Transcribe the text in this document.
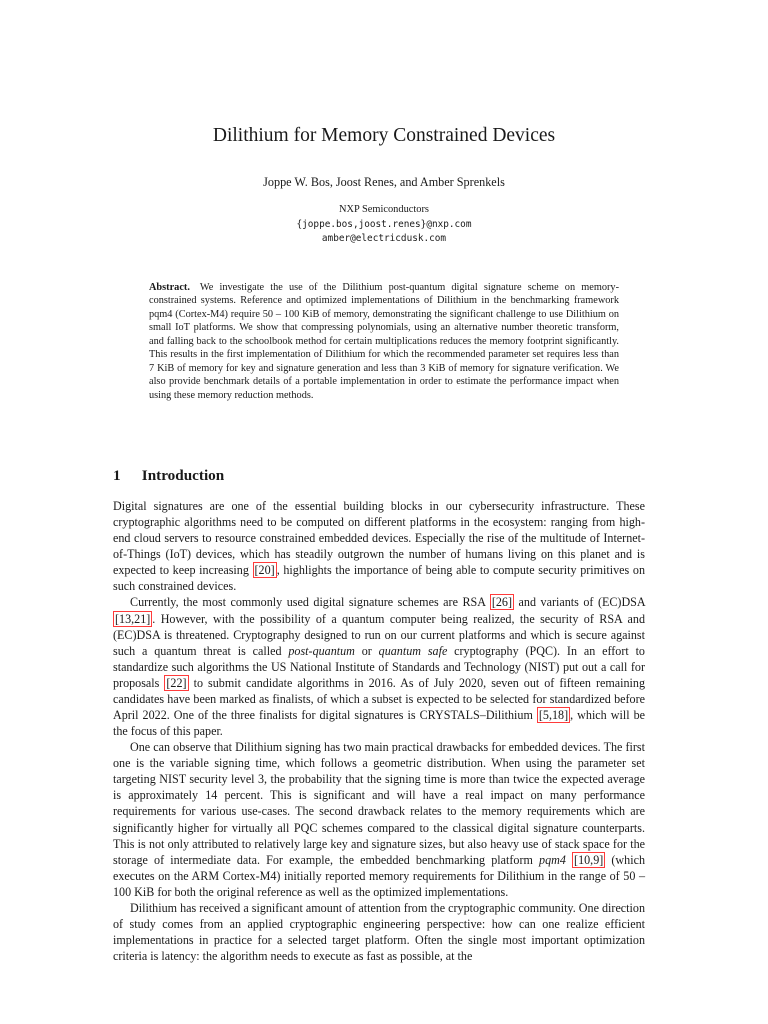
Dilithium for Memory Constrained Devices
Joppe W. Bos, Joost Renes, and Amber Sprenkels
NXP Semiconductors
{joppe.bos,joost.renes}@nxp.com
amber@electricdusk.com
Abstract. We investigate the use of the Dilithium post-quantum digital signature scheme on memory-constrained systems. Reference and optimized implementations of Dilithium in the benchmarking framework pqm4 (Cortex-M4) require 50 – 100 KiB of memory, demonstrating the significant challenge to use Dilithium on small IoT platforms. We show that compressing polynomials, using an alternative number theoretic transform, and falling back to the schoolbook method for certain multiplications reduces the memory footprint significantly. This results in the first implementation of Dilithium for which the recommended parameter set requires less than 7 KiB of memory for key and signature generation and less than 3 KiB of memory for signature verification. We also provide benchmark details of a portable implementation in order to estimate the performance impact when using these memory reduction methods.
1 Introduction

Digital signatures are one of the essential building blocks in our cybersecurity infrastructure. These cryptographic algorithms need to be computed on different platforms in the ecosystem: ranging from high-end cloud servers to resource constrained embedded devices. Especially the rise of the multitude of Internet-of-Things (IoT) devices, which has steadily outgrown the number of humans living on this planet and is expected to keep increasing [20] , highlights the importance of being able to compute security primitives on such constrained devices.

Currently, the most commonly used digital signature schemes are RSA [26] and variants of (EC)DSA [13,21] . However, with the possibility of a quantum computer being realized, the security of RSA and (EC)DSA is threatened. Cryptography designed to run on our current platforms and which is secure against such a quantum threat is called post-quantum or quantum safe cryptography (PQC). In an effort to standardize such algorithms the US National Institute of Standards and Technology (NIST) put out a call for proposals [22] to submit candidate algorithms in 2016. As of July 2020, seven out of fifteen remaining candidates have been marked as finalists, of which a subset is expected to be selected for standardized before April 2022. One of the three finalists for digital signatures is CRYSTALS–Dilithium [5,18] , which will be the focus of this paper.

One can observe that Dilithium signing has two main practical drawbacks for embedded devices. The first one is the variable signing time, which follows a geometric distribution. When using the parameter set targeting NIST security level 3, the probability that the signing time is more than twice the expected average is approximately 14 percent. This is significant and will have a real impact on many performance requirements for various use-cases. The second drawback relates to the memory requirements which are significantly higher for virtually all PQC schemes compared to the classical digital signature counterparts. This is not only attributed to relatively large key and signature sizes, but also heavy use of stack space for the storage of intermediate data. For example, the embedded benchmarking platform pqm4 [10,9] (which executes on the ARM Cortex-M4) initially reported memory requirements for Dilithium in the range of 50 – 100 KiB for both the original reference as well as the optimized implementations.

Dilithium has received a significant amount of attention from the cryptographic community. One direction of study comes from an applied cryptographic engineering perspective: how can one realize efficient implementations in practice for a selected target platform. Often the single most important optimization criteria is latency: the algorithm needs to execute as fast as possible, at the
